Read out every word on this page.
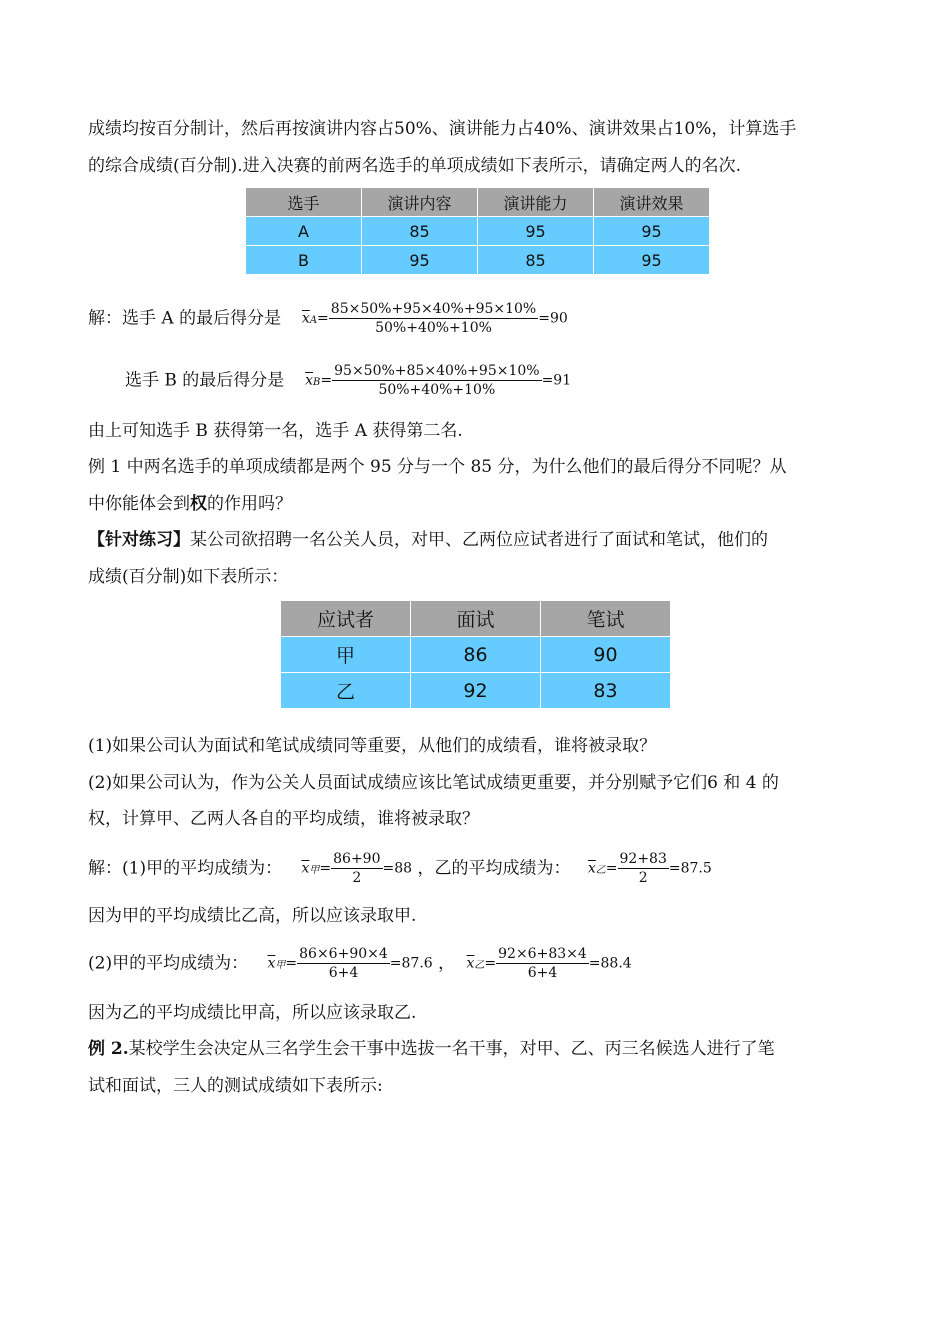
成绩均按百分制计，然后再按演讲内容占50%、演讲能力占40%、演讲效果占10%，计算选手
的综合成绩(百分制).进入决赛的前两名选手的单项成绩如下表所示，请确定两人的名次.
选手	演讲内容	演讲能力	演讲效果
A	85	95	95
B	95	85	95
解：选手 A 的最后得分是 $\overline{x}A= \frac{85\times 50\%+95\times 40\%+95\times 10\%}{50\%+40\%+10\%} =90$
选手 B 的最后得分是 $\overline{x}B= \frac{95\times 50\%+85\times 40\%+95\times 10\%}{50\%+40\%+10\%} =91$
由上可知选手 B 获得第一名，选手 A 获得第二名.
例 1 中两名选手的单项成绩都是两个 95 分与一个 85 分，为什么他们的最后得分不同呢？从
中你能体会到权的作用吗？
【针对练习】某公司欲招聘一名公关人员，对甲、乙两位应试者进行了面试和笔试，他们的
成绩(百分制)如下表所示：
应试者	面试	笔试
甲	86	90
乙	92	83
(1)如果公司认为面试和笔试成绩同等重要，从他们的成绩看，谁将被录取？
(2)如果公司认为，作为公关人员面试成绩应该比笔试成绩更重要，并分别赋予它们6 和 4 的
权，计算甲、乙两人各自的平均成绩，谁将被录取？
解：(1)甲的平均成绩为： $\overline{x}$甲= $\frac{86+90}{2} =88$ ，乙的平均成绩为： $\overline{x}$乙= $\frac{92+83}{2} =87.5$
因为甲的平均成绩比乙高，所以应该录取甲.
(2)甲的平均成绩为： $\overline{x}$甲= $\frac{86\times 6+90\times 4}{6+4} =87.6$ ， $\overline{x}$乙= $\frac{92\times 6+83\times 4}{6+4} =88.4$
因为乙的平均成绩比甲高，所以应该录取乙.
例 2.某校学生会决定从三名学生会干事中选拔一名干事，对甲、乙、丙三名候选人进行了笔
试和面试，三人的测试成绩如下表所示:
